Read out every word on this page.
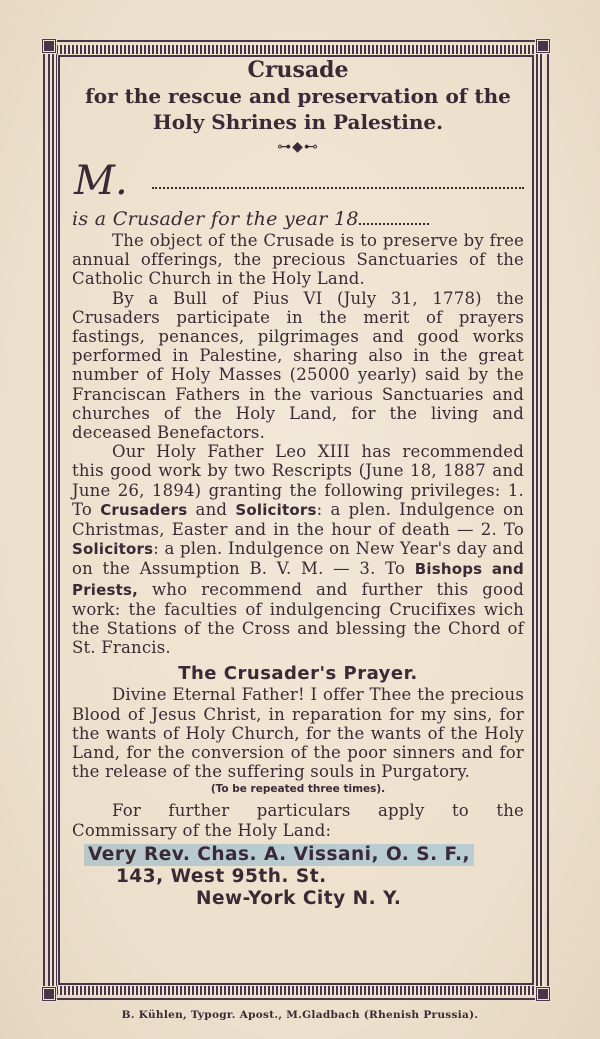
Crusade
for the rescue and preservation of the
Holy Shrines in Palestine.
⊶◆⊷
M.
is a Crusader for the year 18

The object of the Crusade is to preserve by free annual offerings, the precious Sanctuaries of the Catholic Church in the Holy Land.

By a Bull of Pius VI (July 31, 1778) the Crusaders participate in the merit of prayers fastings, penances, pilgrimages and good works performed in Palestine, sharing also in the great number of Holy Masses (25000 yearly) said by the Franciscan Fathers in the various Sanctuaries and churches of the Holy Land, for the living and deceased Benefactors.

Our Holy Father Leo XIII has recommended this good work by two Rescripts (June 18, 1887 and June 26, 1894) granting the following privileges: 1. To Crusaders and Solicitors: a plen. Indulgence on Christmas, Easter and in the hour of death — 2. To Solicitors: a plen. Indulgence on New Year's day and on the Assumption B. V. M. — 3. To Bishops and Priests, who recommend and further this good work: the faculties of indulgencing Crucifixes wich the Stations of the Cross and blessing the Chord of St. Francis.

The Crusader's Prayer.

Divine Eternal Father! I offer Thee the precious Blood of Jesus Christ, in reparation for my sins, for the wants of Holy Church, for the wants of the Holy Land, for the conversion of the poor sinners and for the release of the suffering souls in Purgatory.

(To be repeated three times).

For further particulars apply to the Commissary of the Holy Land:

Very Rev. Chas. A. Vissani, O. S. F.,
143, West 95th. St.
New-York City N. Y.
B. Kühlen, Typogr. Apost., M.Gladbach (Rhenish Prussia).
